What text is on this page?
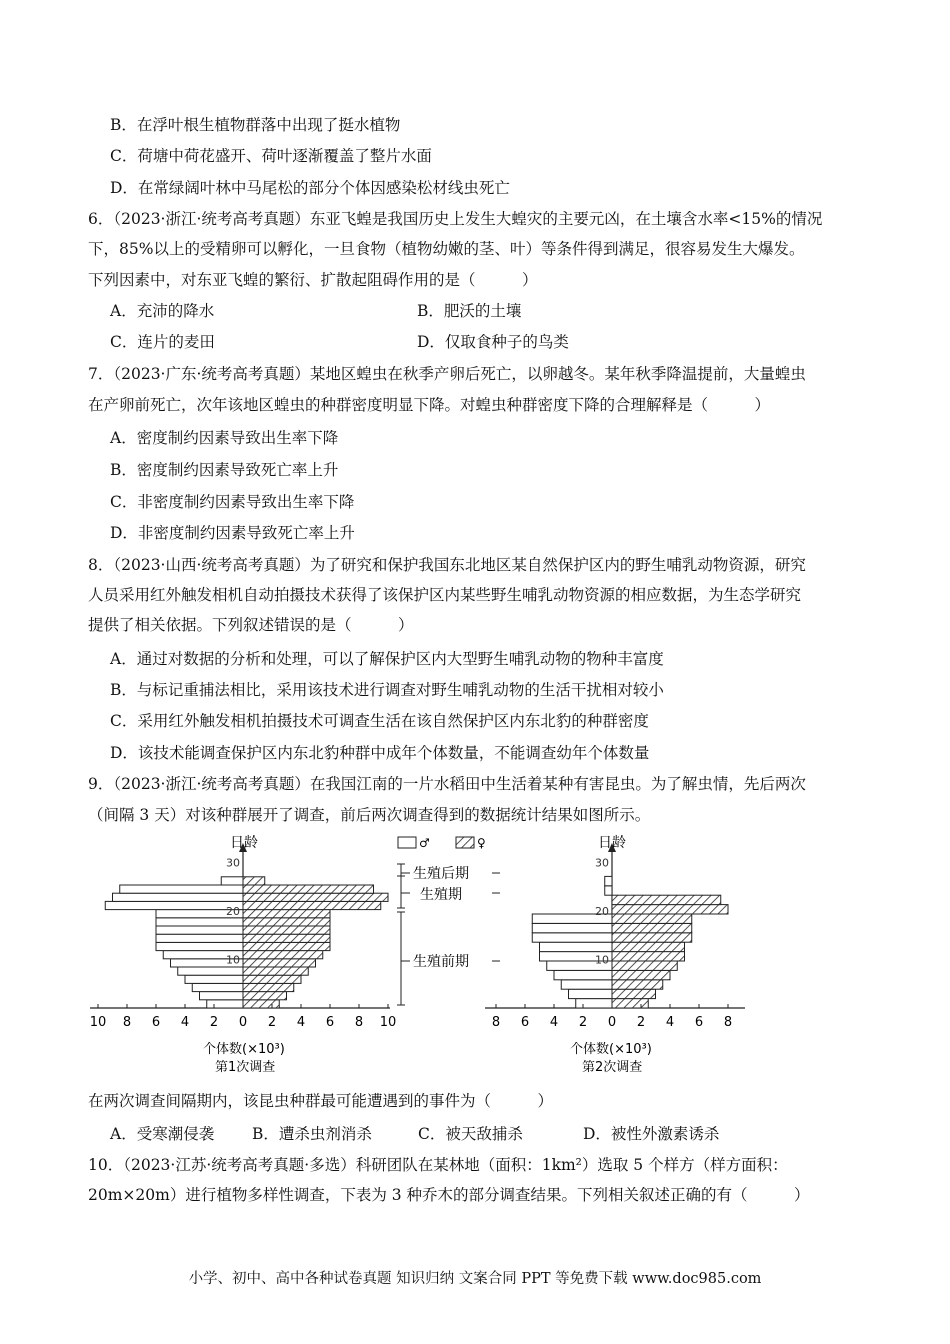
B．在浮叶根生植物群落中出现了挺水植物
C．荷塘中荷花盛开、荷叶逐渐覆盖了整片水面
D．在常绿阔叶林中马尾松的部分个体因感染松材线虫死亡
6．（2023·浙江·统考高考真题）东亚飞蝗是我国历史上发生大蝗灾的主要元凶，在土壤含水率<15%的情况
下，85%以上的受精卵可以孵化，一旦食物（植物幼嫩的茎、叶）等条件得到满足，很容易发生大爆发。
下列因素中，对东亚飞蝗的繁衍、扩散起阻碍作用的是（　　　）
A．充沛的降水	B．肥沃的土壤
C．连片的麦田	D．仅取食种子的鸟类
7．（2023·广东·统考高考真题）某地区蝗虫在秋季产卵后死亡，以卵越冬。某年秋季降温提前，大量蝗虫
在产卵前死亡，次年该地区蝗虫的种群密度明显下降。对蝗虫种群密度下降的合理解释是（　　　）
A．密度制约因素导致出生率下降
B．密度制约因素导致死亡率上升
C．非密度制约因素导致出生率下降
D．非密度制约因素导致死亡率上升
8．（2023·山西·统考高考真题）为了研究和保护我国东北地区某自然保护区内的野生哺乳动物资源，研究
人员采用红外触发相机自动拍摄技术获得了该保护区内某些野生哺乳动物资源的相应数据，为生态学研究
提供了相关依据。下列叙述错误的是（　　　）
A．通过对数据的分析和处理，可以了解保护区内大型野生哺乳动物的物种丰富度
B．与标记重捕法相比，采用该技术进行调查对野生哺乳动物的生活干扰相对较小
C．采用红外触发相机拍摄技术可调查生活在该自然保护区内东北豹的种群密度
D．该技术能调查保护区内东北豹种群中成年个体数量，不能调查幼年个体数量
9．（2023·浙江·统考高考真题）在我国江南的一片水稻田中生活着某种有害昆虫。为了解虫情，先后两次
（间隔 3 天）对该种群展开了调查，前后两次调查得到的数据统计结果如图所示。
日龄
10 8 6 4 2 0 2 4 6 8 10
10
20
30
个体数(×10³)
第1次调查
♂	♀
生殖后期
生殖期
生殖前期
日龄
8 6 4 2 0 2 4 6 8
10
20
30
个体数(×10³)
第2次调查
在两次调查间隔期内，该昆虫种群最可能遭遇到的事件为（　　　）
A．受寒潮侵袭 B．遭杀虫剂消杀	C．被天敌捕杀	D．被性外激素诱杀
10．（2023·江苏·统考高考真题·多选）科研团队在某林地（面积：1km²）选取 5 个样方（样方面积：
20m×20m）进行植物多样性调查，下表为 3 种乔木的部分调查结果。下列相关叙述正确的有（　　　）
小学、初中、高中各种试卷真题 知识归纳 文案合同 PPT 等免费下载 www.doc985.com
